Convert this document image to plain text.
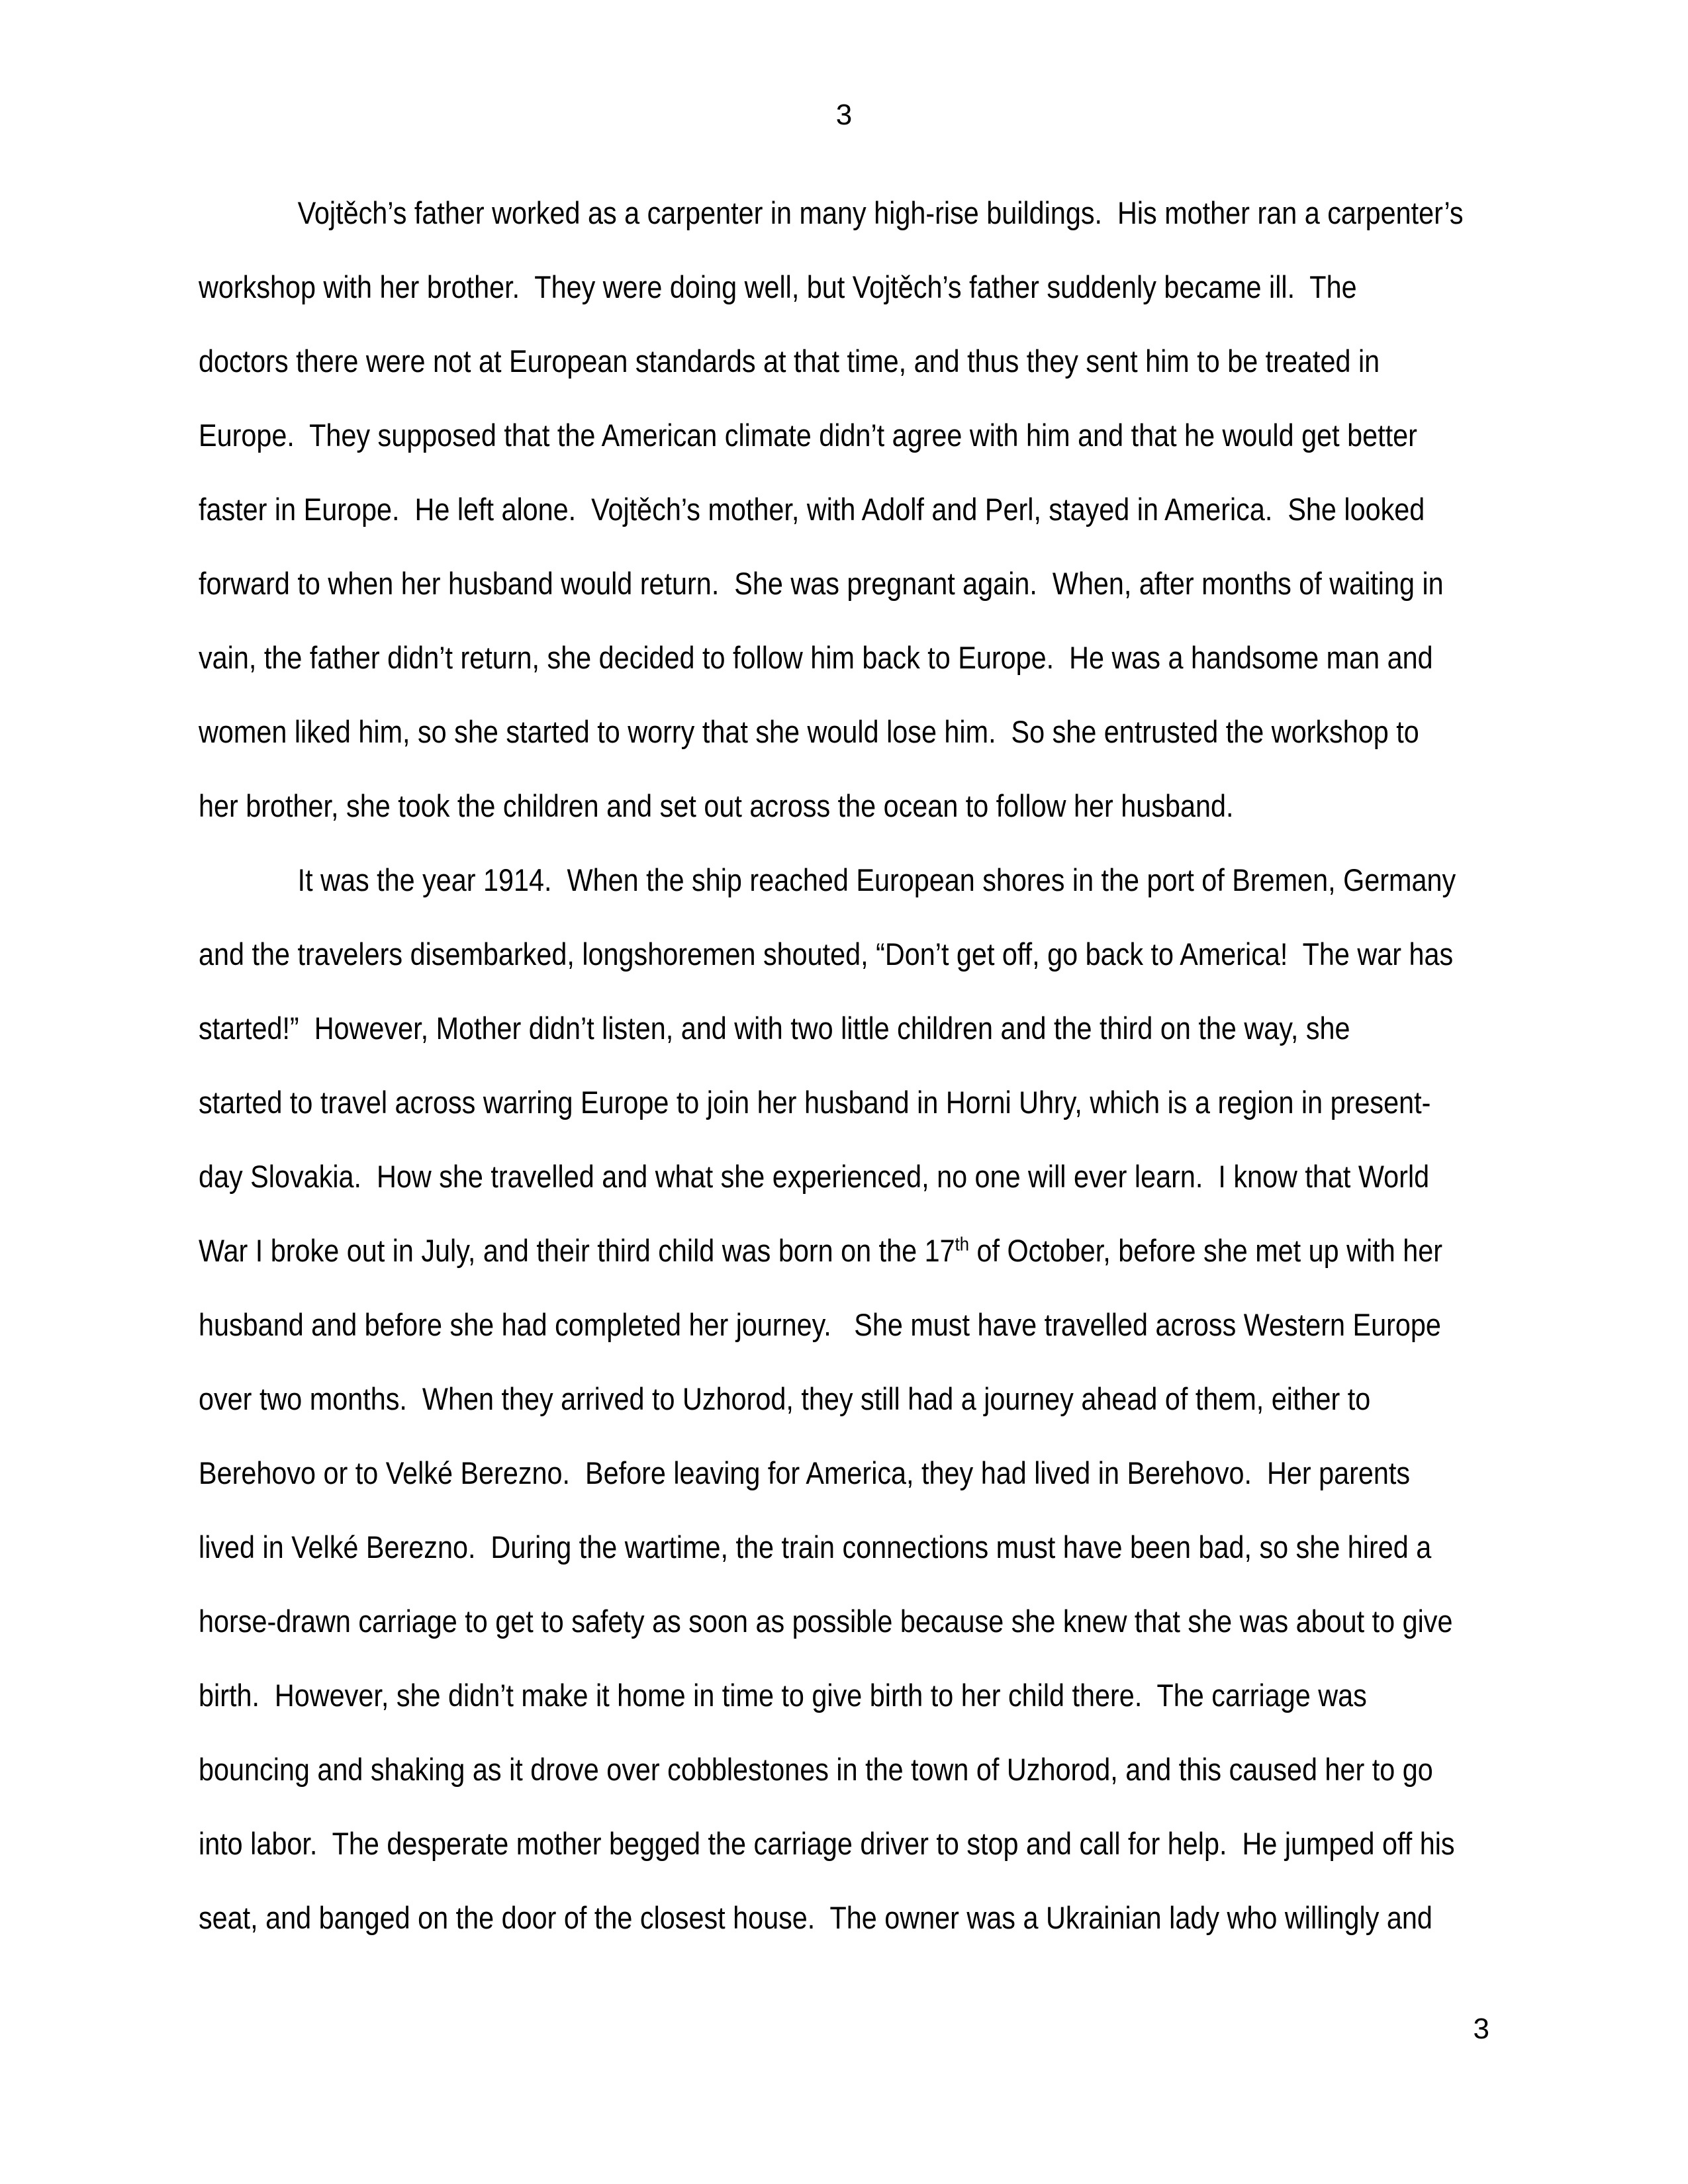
3
Vojtěch’s father worked as a carpenter in many high-rise buildings.  His mother ran a carpenter’s
workshop with her brother.  They were doing well, but Vojtěch’s father suddenly became ill.  The
doctors there were not at European standards at that time, and thus they sent him to be treated in
Europe.  They supposed that the American climate didn’t agree with him and that he would get better
faster in Europe.  He left alone.  Vojtěch’s mother, with Adolf and Perl, stayed in America.  She looked
forward to when her husband would return.  She was pregnant again.  When, after months of waiting in
vain, the father didn’t return, she decided to follow him back to Europe.  He was a handsome man and
women liked him, so she started to worry that she would lose him.  So she entrusted the workshop to
her brother, she took the children and set out across the ocean to follow her husband.
It was the year 1914.  When the ship reached European shores in the port of Bremen, Germany
and the travelers disembarked, longshoremen shouted, “Don’t get off, go back to America!  The war has
started!”  However, Mother didn’t listen, and with two little children and the third on the way, she
started to travel across warring Europe to join her husband in Horni Uhry, which is a region in present-
day Slovakia.  How she travelled and what she experienced, no one will ever learn.  I know that World
War I broke out in July, and their third child was born on the 17th of October, before she met up with her
husband and before she had completed her journey.   She must have travelled across Western Europe
over two months.  When they arrived to Uzhorod, they still had a journey ahead of them, either to
Berehovo or to Velké Berezno.  Before leaving for America, they had lived in Berehovo.  Her parents
lived in Velké Berezno.  During the wartime, the train connections must have been bad, so she hired a
horse-drawn carriage to get to safety as soon as possible because she knew that she was about to give
birth.  However, she didn’t make it home in time to give birth to her child there.  The carriage was
bouncing and shaking as it drove over cobblestones in the town of Uzhorod, and this caused her to go
into labor.  The desperate mother begged the carriage driver to stop and call for help.  He jumped off his
seat, and banged on the door of the closest house.  The owner was a Ukrainian lady who willingly and
3
